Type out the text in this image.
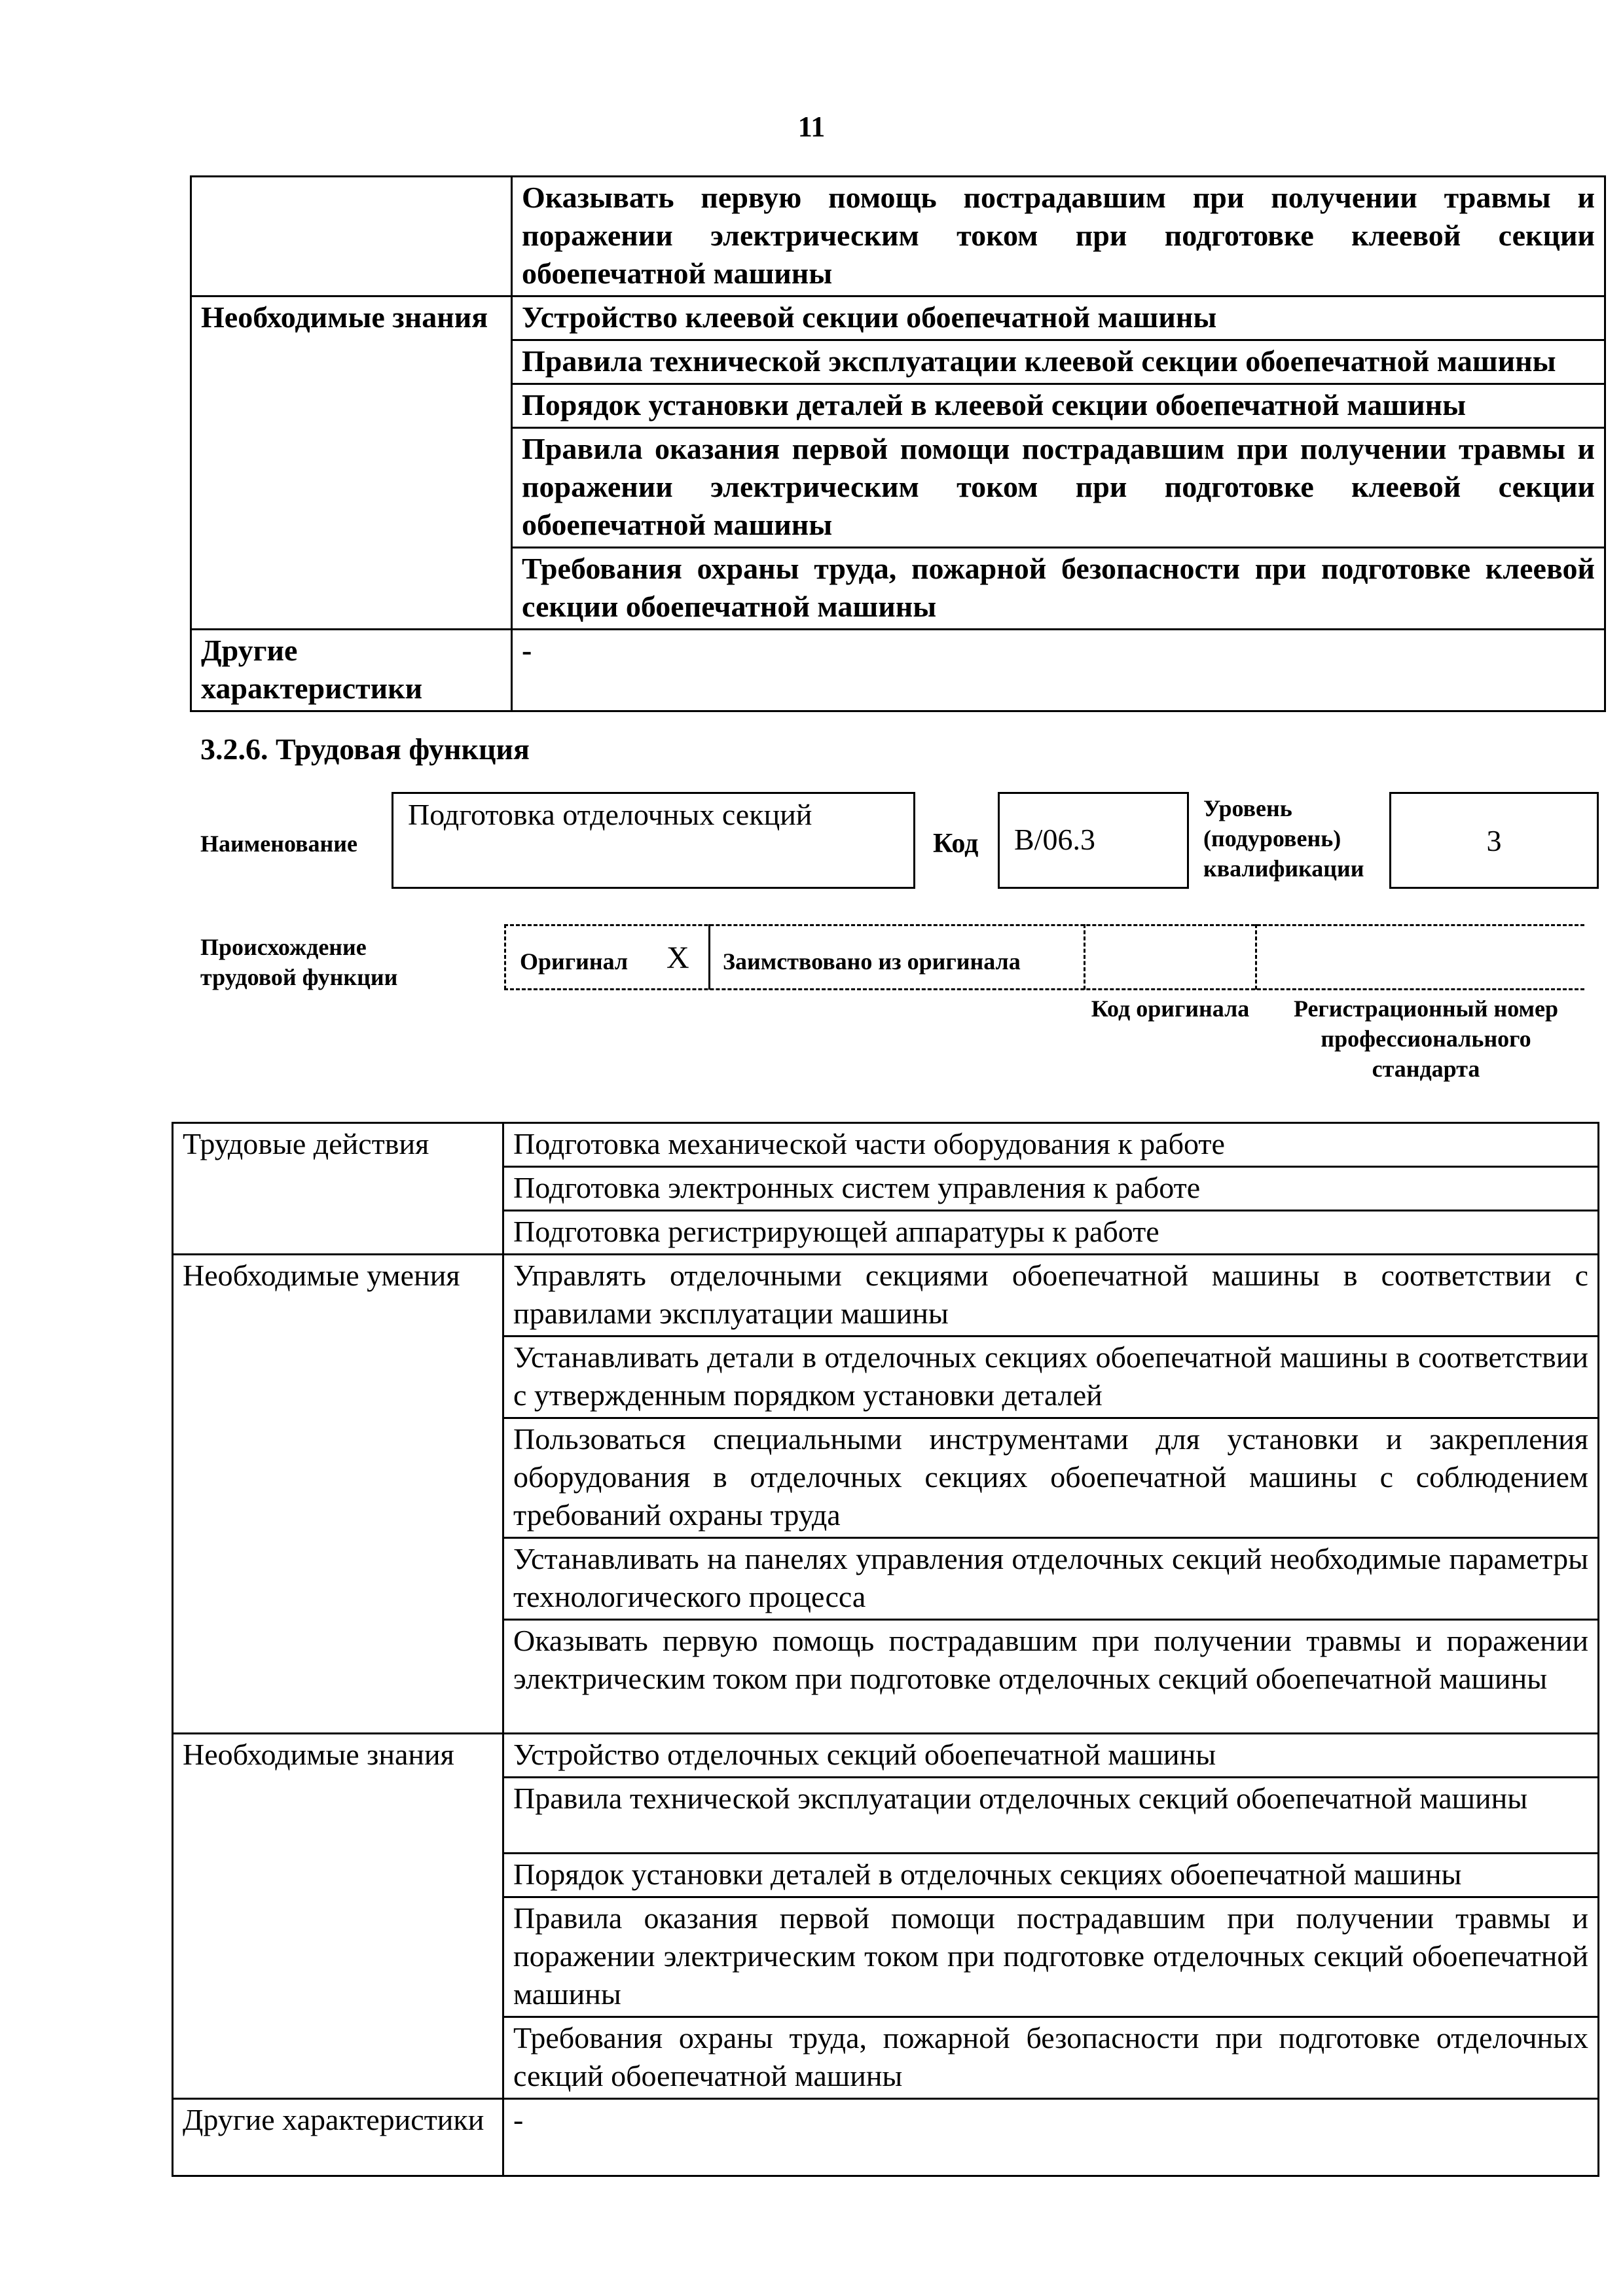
11
	Оказывать первую помощь пострадавшим при получении травмы и поражении электрическим током при подготовке клеевой секции обоепечатной машины
Необходимые знания	Устройство клеевой секции обоепечатной машины
	Правила технической эксплуатации клеевой секции обоепечатной машины
	Порядок установки деталей в клеевой секции обоепечатной машины
	Правила оказания первой помощи пострадавшим при получении травмы и поражении электрическим током при подготовке клеевой секции обоепечатной машины
	Требования охраны труда, пожарной безопасности при подготовке клеевой секции обоепечатной машины
Другие характеристики	-
3.2.6. Трудовая функция
Наименование
Подготовка отделочных секций
Код	B/06.3
Уровень (подуровень) квалификации
3
Происхождение трудовой функции
Оригинал X Заимствовано из оригинала
Код оригинала	Регистрационный номер профессионального стандарта
Трудовые действия	Подготовка механической части оборудования к работе
	Подготовка электронных систем управления к работе
	Подготовка регистрирующей аппаратуры к работе
Необходимые умения	Управлять отделочными секциями обоепечатной машины в соответствии с правилами эксплуатации машины
	Устанавливать детали в отделочных секциях обоепечатной машины в соответствии с утвержденным порядком установки деталей
	Пользоваться специальными инструментами для установки и закрепления оборудования в отделочных секциях обоепечатной машины с соблюдением требований охраны труда
	Устанавливать на панелях управления отделочных секций необходимые параметры технологического процесса
	Оказывать первую помощь пострадавшим при получении травмы и поражении электрическим током при подготовке отделочных секций обоепечатной машины
Необходимые знания	Устройство отделочных секций обоепечатной машины
	Правила технической эксплуатации отделочных секций обоепечатной машины
	Порядок установки деталей в отделочных секциях обоепечатной машины
	Правила оказания первой помощи пострадавшим при получении травмы и поражении электрическим током при подготовке отделочных секций обоепечатной машины
	Требования охраны труда, пожарной безопасности при подготовке отделочных секций обоепечатной машины
Другие характеристики	-
